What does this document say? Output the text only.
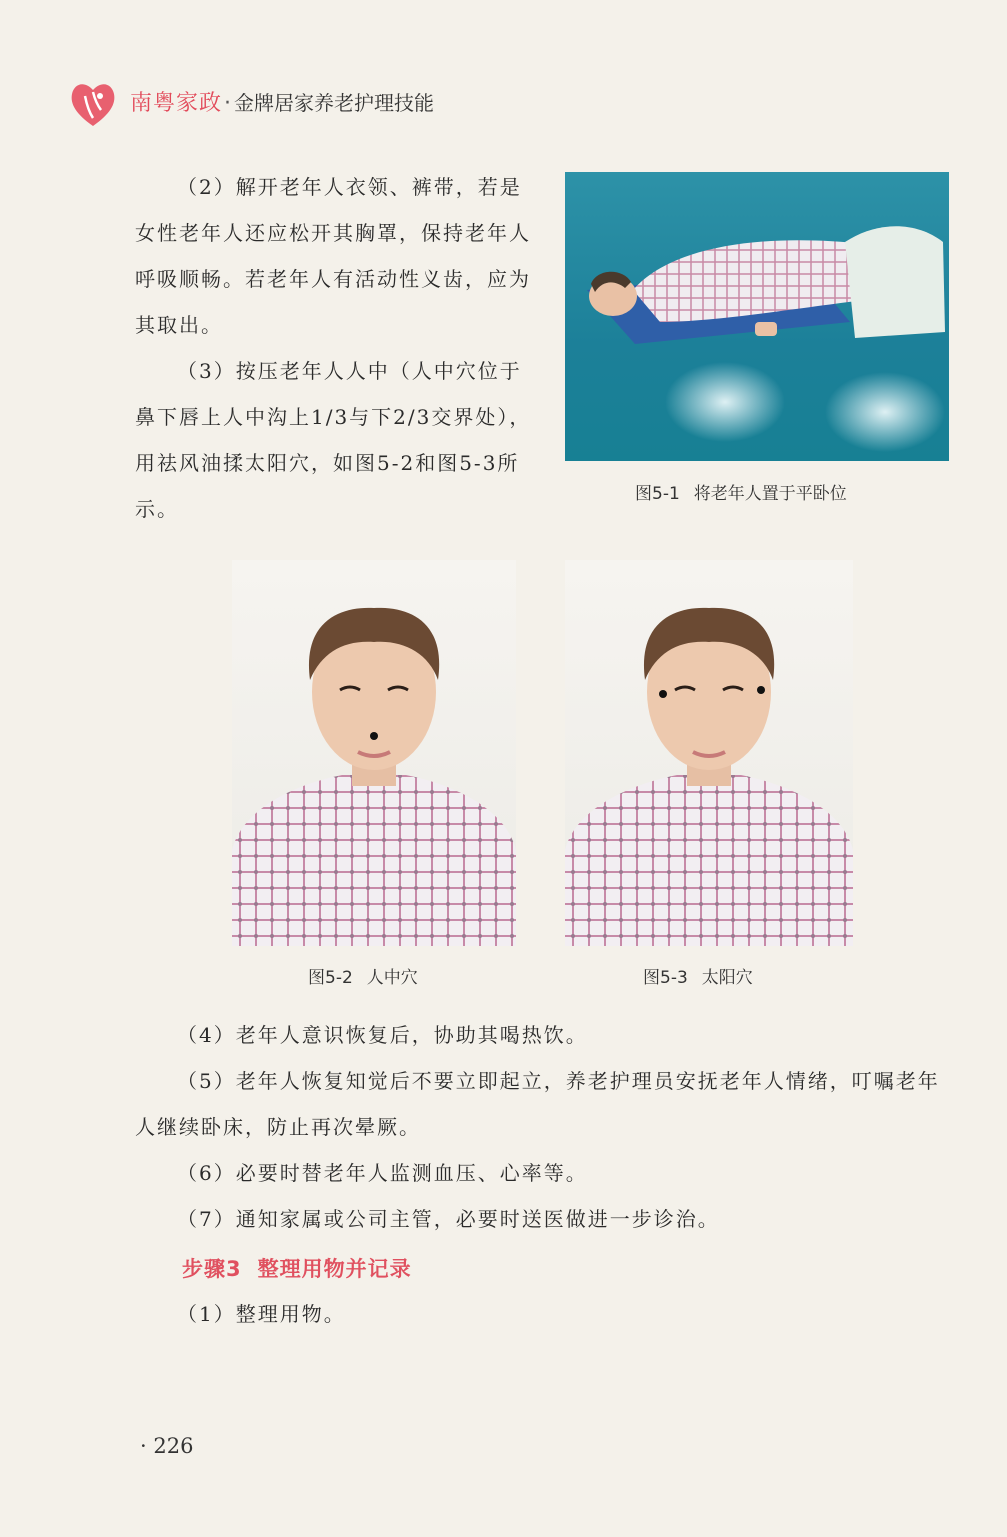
南粤家政· 金牌居家养老护理技能

（2）解开老年人衣领、裤带，若是女性老年人还应松开其胸罩，保持老年人呼吸顺畅。若老年人有活动性义齿，应为其取出。

（3）按压老年人人中（人中穴位于鼻下唇上人中沟上1/3与下2/3交界处），用祛风油揉太阳穴，如图5-2和图5-3所示。

图5-1 将老年人置于平卧位
图5-2 人中穴	图5-3 太阳穴

（4）老年人意识恢复后，协助其喝热饮。

（5）老年人恢复知觉后不要立即起立，养老护理员安抚老年人情绪，叮嘱老年人继续卧床，防止再次晕厥。

（6）必要时替老年人监测血压、心率等。

（7）通知家属或公司主管，必要时送医做进一步诊治。

步骤3 整理用物并记录

（1）整理用物。

· 226
